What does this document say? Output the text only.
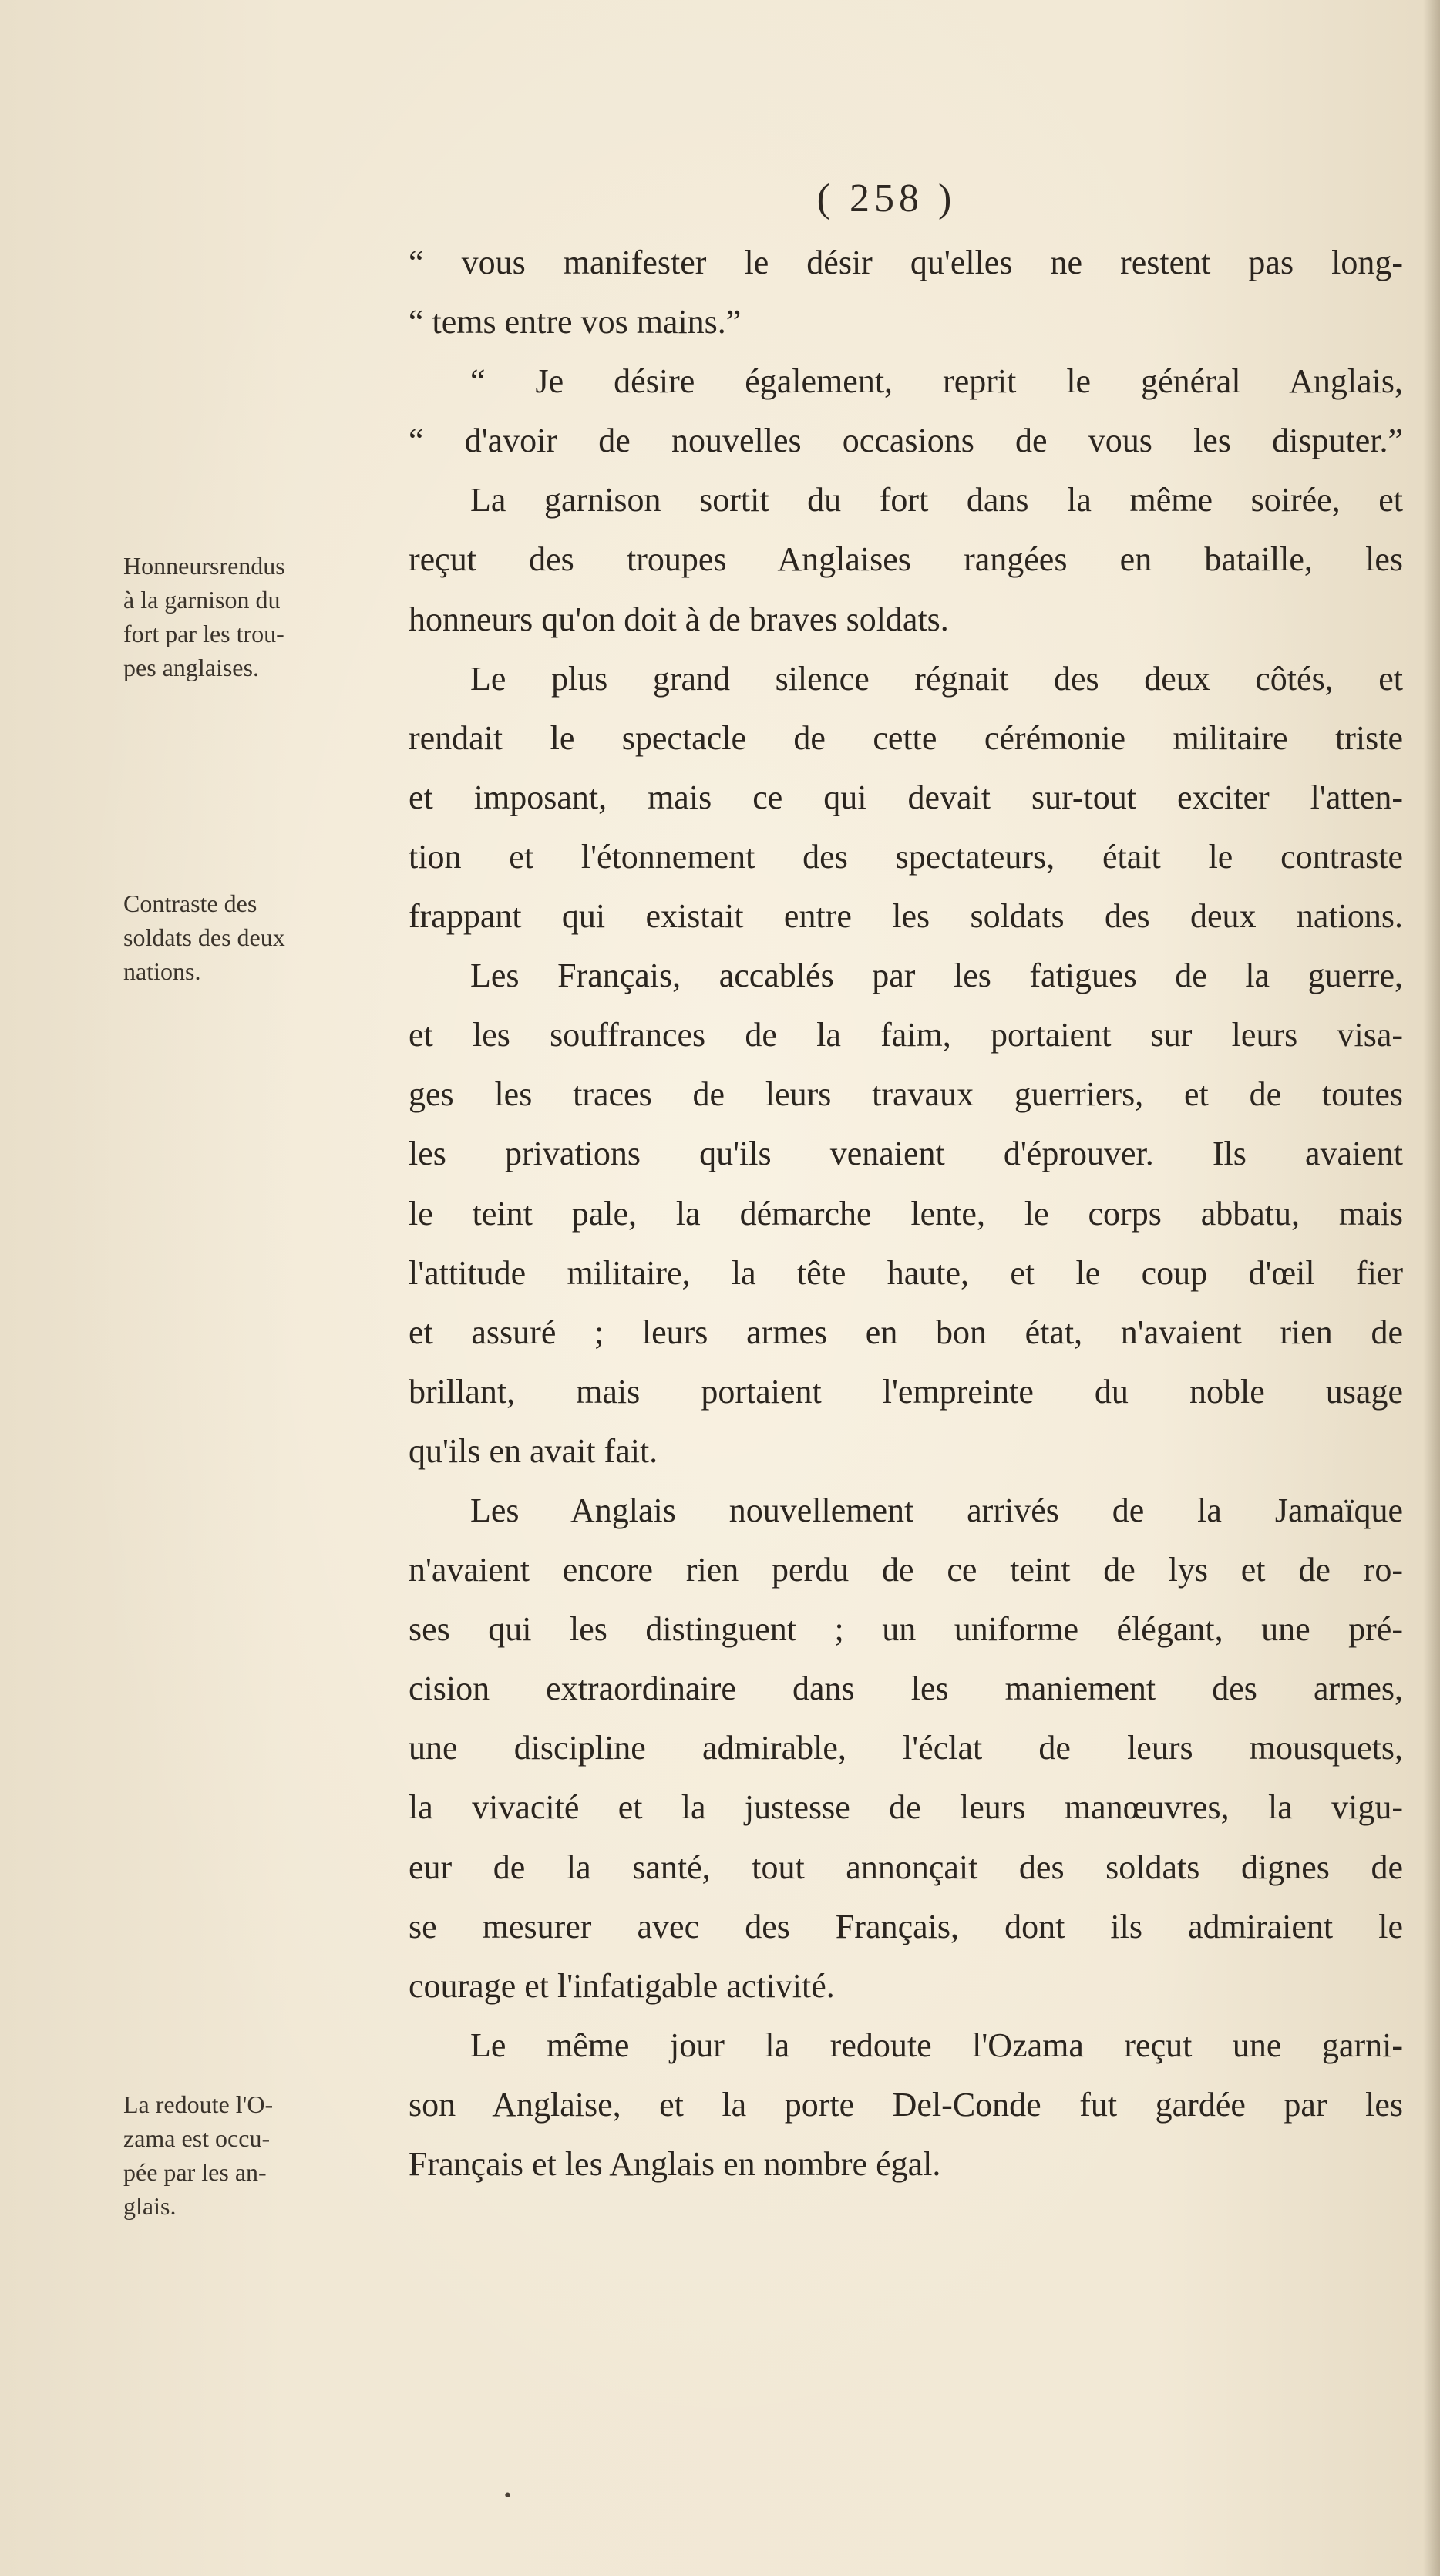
( 258 )

Honneursrendus
à la garnison du
fort par les trou-
pes anglaises.

Contraste des
soldats des deux
nations.

La redoute l'O-
zama est occu-
pée par les an-
glais.

“ vous manifester le désir qu'elles ne restent pas long-
“ tems entre vos mains.”
“ Je désire également, reprit le général Anglais,
“ d'avoir de nouvelles occasions de vous les disputer.”
La garnison sortit du fort dans la même soirée, et
reçut des troupes Anglaises rangées en bataille, les
honneurs qu'on doit à de braves soldats.
Le plus grand silence régnait des deux côtés, et
rendait le spectacle de cette cérémonie militaire triste
et imposant, mais ce qui devait sur-tout exciter l'atten-
tion et l'étonnement des spectateurs, était le contraste
frappant qui existait entre les soldats des deux nations.
Les Français, accablés par les fatigues de la guerre,
et les souffrances de la faim, portaient sur leurs visa-
ges les traces de leurs travaux guerriers, et de toutes
les privations qu'ils venaient d'éprouver. Ils avaient
le teint pale, la démarche lente, le corps abbatu, mais
l'attitude militaire, la tête haute, et le coup d'œil fier
et assuré ; leurs armes en bon état, n'avaient rien de
brillant, mais portaient l'empreinte du noble usage
qu'ils en avait fait.
Les Anglais nouvellement arrivés de la Jamaïque
n'avaient encore rien perdu de ce teint de lys et de ro-
ses qui les distinguent ; un uniforme élégant, une pré-
cision extraordinaire dans les maniement des armes,
une discipline admirable, l'éclat de leurs mousquets,
la vivacité et la justesse de leurs manœuvres, la vigu-
eur de la santé, tout annonçait des soldats dignes de
se mesurer avec des Français, dont ils admiraient le
courage et l'infatigable activité.
Le même jour la redoute l'Ozama reçut une garni-
son Anglaise, et la porte Del-Conde fut gardée par les
Français et les Anglais en nombre égal.
•
